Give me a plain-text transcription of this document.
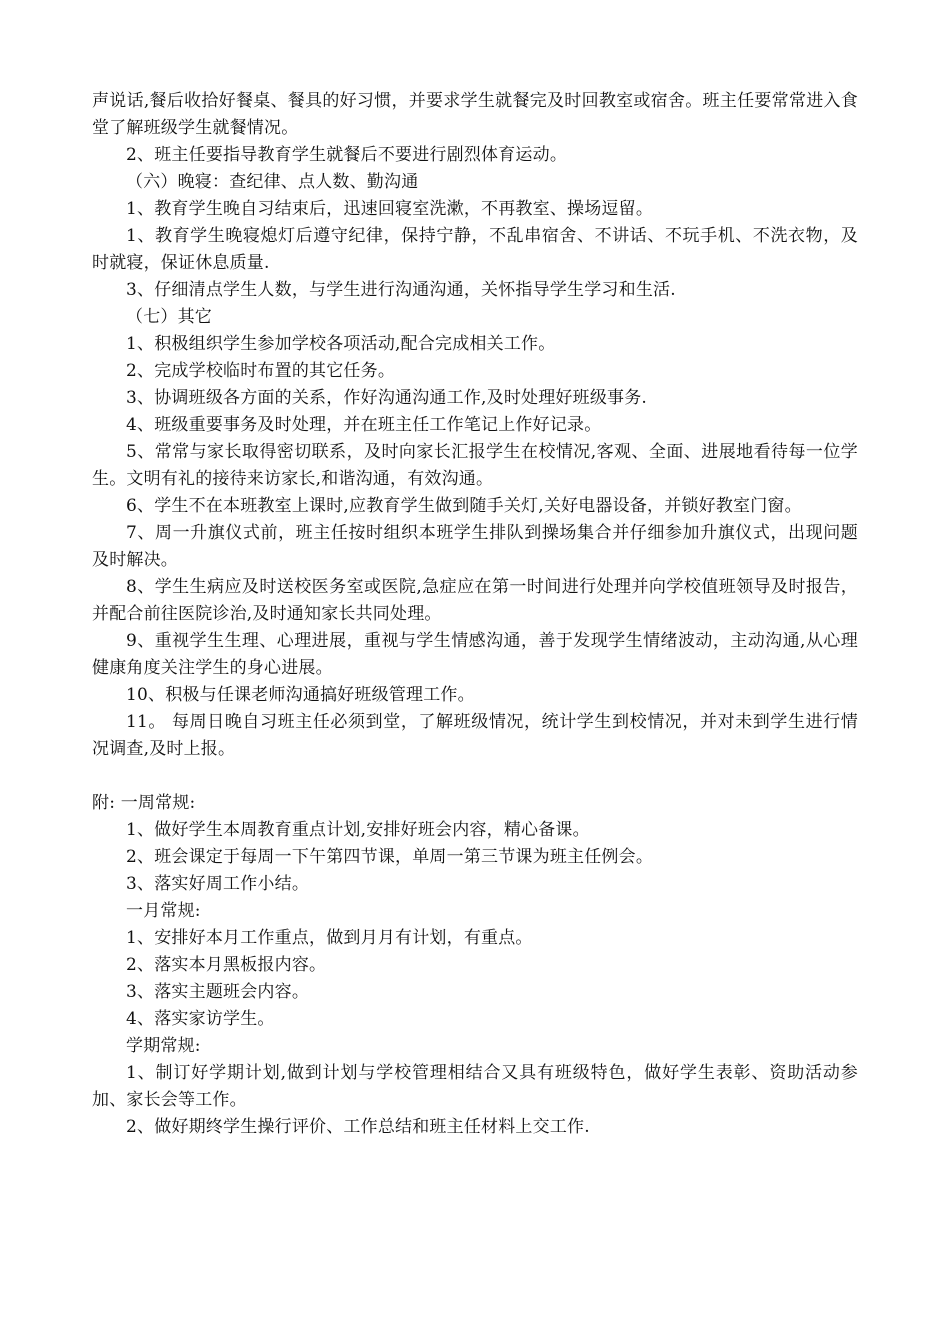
声说话,餐后收拾好餐桌、餐具的好习惯，并要求学生就餐完及时回教室或宿舍。班主任要常常进入食堂了解班级学生就餐情况。

2、班主任要指导教育学生就餐后不要进行剧烈体育运动。

（六）晚寝：查纪律、点人数、勤沟通

1、教育学生晚自习结束后，迅速回寝室洗漱，不再教室、操场逗留。

1、教育学生晚寝熄灯后遵守纪律，保持宁静，不乱串宿舍、不讲话、不玩手机、不洗衣物，及时就寝，保证休息质量.

3、仔细清点学生人数，与学生进行沟通沟通，关怀指导学生学习和生活.

（七）其它

1、积极组织学生参加学校各项活动,配合完成相关工作。

2、完成学校临时布置的其它任务。

3、协调班级各方面的关系，作好沟通沟通工作,及时处理好班级事务.

4、班级重要事务及时处理，并在班主任工作笔记上作好记录。

5、常常与家长取得密切联系，及时向家长汇报学生在校情况,客观、全面、进展地看待每一位学生。文明有礼的接待来访家长,和谐沟通，有效沟通。

6、学生不在本班教室上课时,应教育学生做到随手关灯,关好电器设备，并锁好教室门窗。

7、周一升旗仪式前，班主任按时组织本班学生排队到操场集合并仔细参加升旗仪式，出现问题及时解决。

8、学生生病应及时送校医务室或医院,急症应在第一时间进行处理并向学校值班领导及时报告，并配合前往医院诊治,及时通知家长共同处理。

9、重视学生生理、心理进展，重视与学生情感沟通，善于发现学生情绪波动，主动沟通,从心理健康角度关注学生的身心进展。

10、积极与任课老师沟通搞好班级管理工作。

11。 每周日晚自习班主任必须到堂，了解班级情况，统计学生到校情况，并对未到学生进行情况调查,及时上报。

附: 一周常规:

1、做好学生本周教育重点计划,安排好班会内容，精心备课。

2、班会课定于每周一下午第四节课，单周一第三节课为班主任例会。

3、落实好周工作小结。

一月常规:

1、安排好本月工作重点，做到月月有计划，有重点。

2、落实本月黑板报内容。

3、落实主题班会内容。

4、落实家访学生。

学期常规:

1、制订好学期计划,做到计划与学校管理相结合又具有班级特色，做好学生表彰、资助活动参加、家长会等工作。

2、做好期终学生操行评价、工作总结和班主任材料上交工作.
